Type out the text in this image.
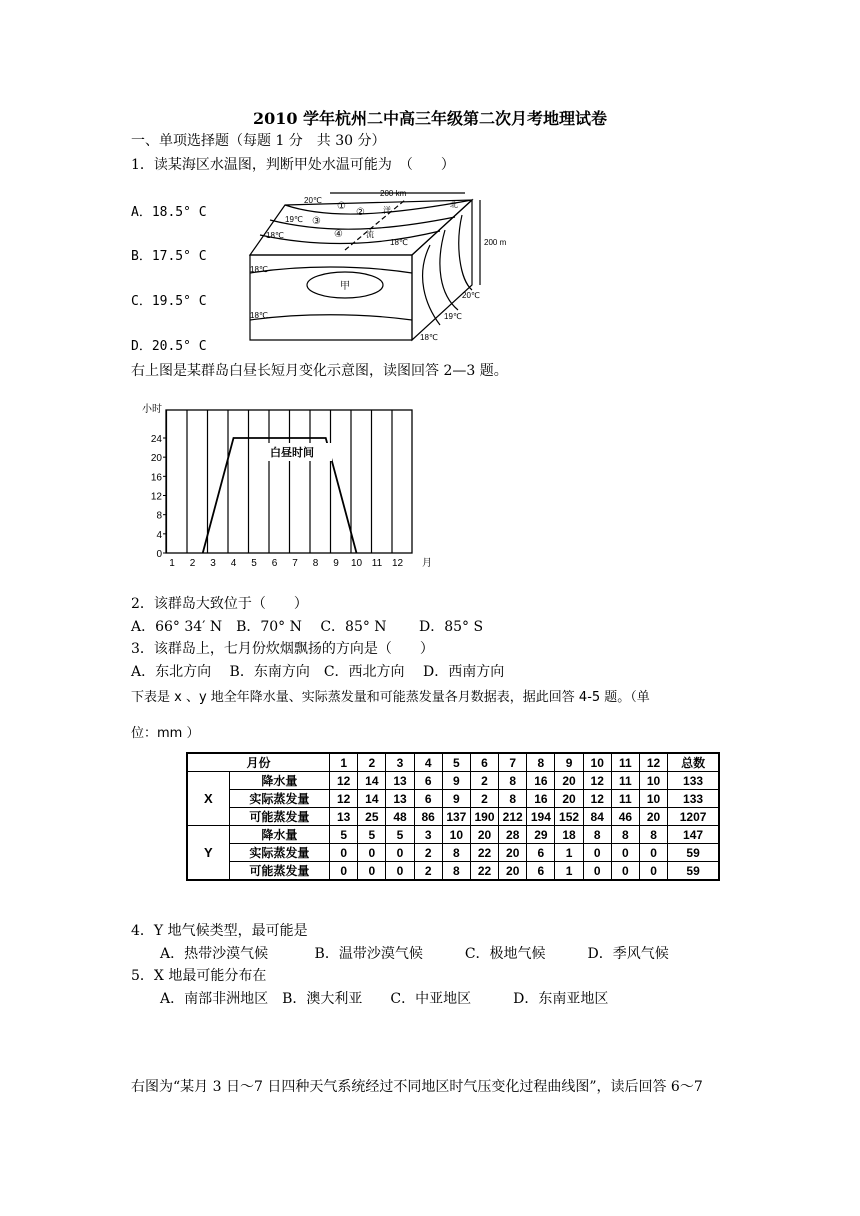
2010 学年杭州二中高三年级第二次月考地理试卷
一、单项选择题（每题 1 分　共 30 分）
1．读某海区水温图，判断甲处水温可能为　（　　）
A．18.5° C
B．17.5° C
C．19.5° C
D．20.5° C
200 km
200 m
20℃
19℃
18℃
18℃
18℃
18℃
20℃
19℃
18℃
①
②
③
④
甲
洋
流
北
右上图是某群岛白昼长短月变化示意图，读图回答 2—3 题。
小时
0
4
8
12
16
20
24
1 2 3 4 5 6 7 8 9 10 11 12
白昼时间
月
2．该群岛大致位于（　　）
A．66° 34′ N　B．70° N　 C．85° N　　 D．85° S
3．该群岛上，七月份炊烟飘扬的方向是（　　）
A．东北方向　 B．东南方向　C．西北方向　 D．西南方向
下表是 x 、y 地全年降水量、实际蒸发量和可能蒸发量各月数据表，据此回答 4-5 题。（单
位：mm ）
月份		1	2	3	4	5	6	7	8	9	10	11	12	总数
X	降水量	12	14	13	6	9	2	8	16	20	12	11	10	133
	实际蒸发量	12	14	13	6	9	2	8	16	20	12	11	10	133
	可能蒸发量	13	25	48	86	137	190	212	194	152	84	46	20	1207
Y	降水量	5	5	5	3	10	20	28	29	18	8	8	8	147
	实际蒸发量	0	0	0	2	8	22	20	6	1	0	0	0	59
	可能蒸发量	0	0	0	2	8	22	20	6	1	0	0	0	59
4．Y 地气候类型，最可能是
A．热带沙漠气候　　　 B．温带沙漠气候　　　C．极地气候　　　D．季风气候
5．X 地最可能分布在
A．南部非洲地区　B．澳大利亚　　C．中亚地区　　　D．东南亚地区
右图为“某月 3 日～7 日四种天气系统经过不同地区时气压变化过程曲线图”，读后回答 6～7
